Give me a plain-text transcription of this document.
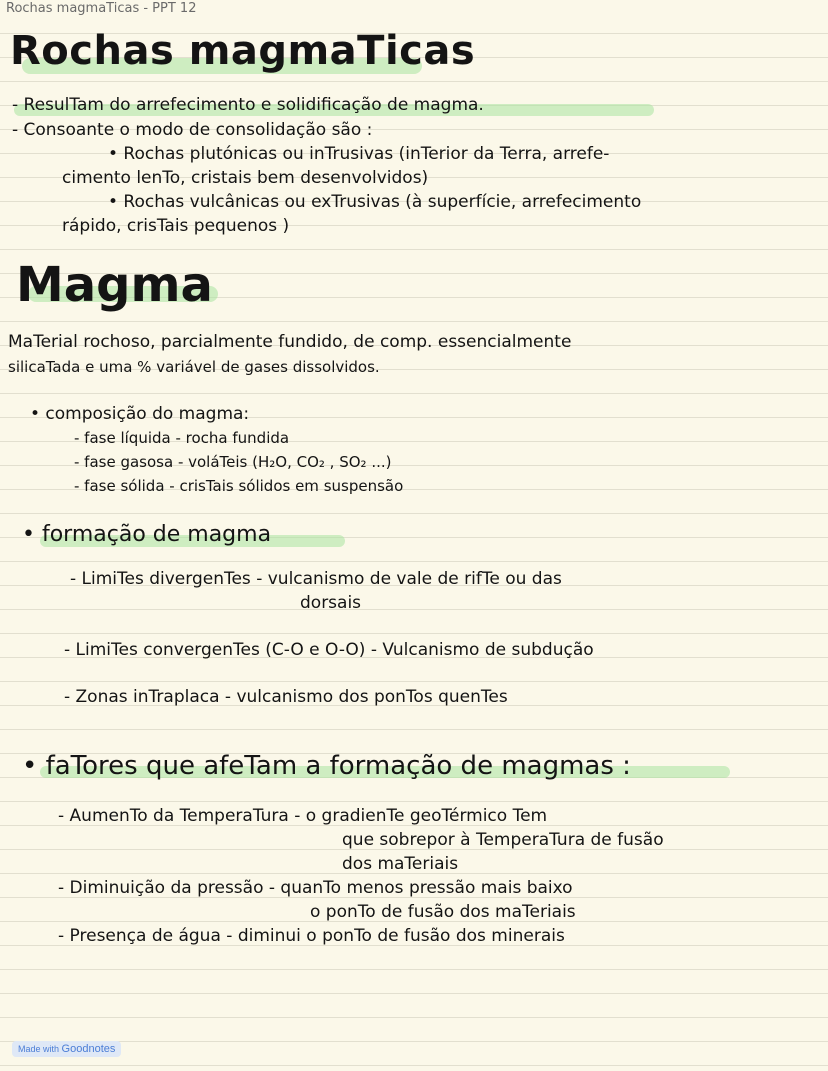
Rochas magmaTicas - PPT 12
Rochas magmaTicas
- ResulTam do arrefecimento e solidificação de magma.
- Consoante o modo de consolidação são :
• Rochas plutónicas ou inTrusivas (inTerior da Terra, arrefe-
cimento lenTo, cristais bem desenvolvidos)
• Rochas vulcânicas ou exTrusivas (à superfície, arrefecimento
rápido, crisTais pequenos )
Magma
MaTerial rochoso, parcialmente fundido, de comp. essencialmente
silicaTada e uma % variável de gases dissolvidos.
• composição do magma:
- fase líquida - rocha fundida
- fase gasosa - voláTeis (H₂O, CO₂ , SO₂ ...)
- fase sólida - crisTais sólidos em suspensão
• formação de magma
- LimiTes divergenTes - vulcanismo de vale de rifTe ou das
dorsais
- LimiTes convergenTes (C-O e O-O) - Vulcanismo de subdução
- Zonas inTraplaca - vulcanismo dos ponTos quenTes
• faTores que afeTam a formação de magmas :
- AumenTo da TemperaTura - o gradienTe geoTérmico Tem
que sobrepor à TemperaTura de fusão
dos maTeriais
- Diminuição da pressão - quanTo menos pressão mais baixo
o ponTo de fusão dos maTeriais
- Presença de água - diminui o ponTo de fusão dos minerais
Made with Goodnotes
